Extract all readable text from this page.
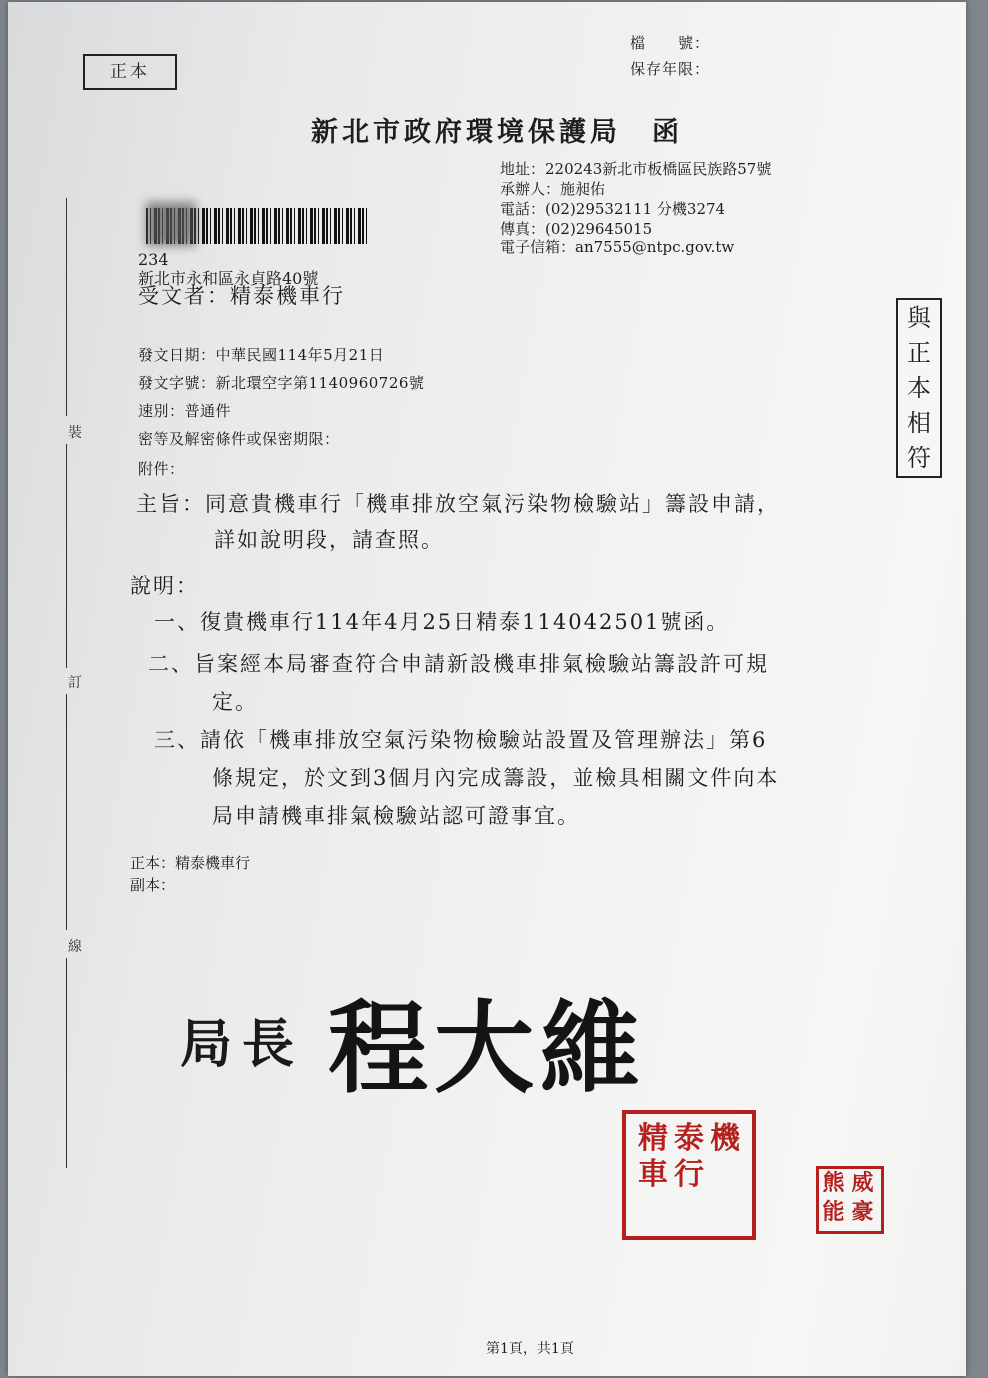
正本
檔　　號：
保存年限：
新北市政府環境保護局　函
地址：220243新北市板橋區民族路57號
承辦人：施昶佑
電話：(02)29532111 分機3274
傳真：(02)29645015
電子信箱：an7555@ntpc.gov.tw
234
新北市永和區永貞路40號
受文者：精泰機車行
與
正
本
相
符
發文日期：中華民國114年5月21日
發文字號：新北環空字第1140960726號
速別：普通件
密等及解密條件或保密期限：
附件：
主旨：同意貴機車行「機車排放空氣污染物檢驗站」籌設申請，
詳如說明段，請查照。
說明：
一、復貴機車行114年4月25日精泰114042501號函。
二、旨案經本局審查符合申請新設機車排氣檢驗站籌設許可規
定。
三、請依「機車排放空氣污染物檢驗站設置及管理辦法」第6
條規定，於文到3個月內完成籌設，並檢具相關文件向本
局申請機車排氣檢驗站認可證事宜。
正本：精泰機車行
副本：
裝
訂
線
局長 程大維
精 泰 機
車 行	熊 威
能 豪
第1頁，共1頁
